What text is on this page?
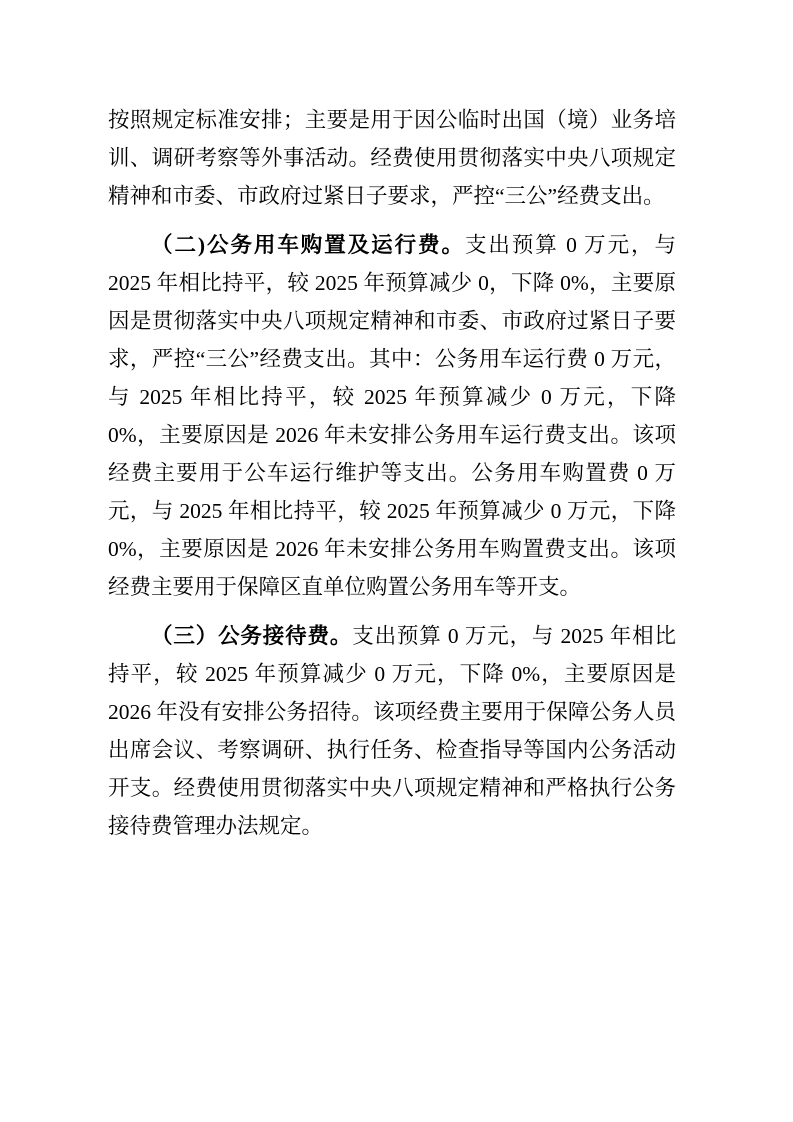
按照规定标准安排；主要是用于因公临时出国（境）业务培训、调研考察等外事活动。经费使用贯彻落实中央八项规定精神和市委、市政府过紧日子要求，严控“三公”经费支出。

（二)公务用车购置及运行费。支出预算 0 万元，与 2025 年相比持平，较 2025 年预算减少 0，下降 0%，主要原因是贯彻落实中央八项规定精神和市委、市政府过紧日子要求，严控“三公”经费支出。其中：公务用车运行费 0 万元，与 2025 年相比持平，较 2025 年预算减少 0 万元，下降 0%，主要原因是 2026 年未安排公务用车运行费支出。该项经费主要用于公车运行维护等支出。公务用车购置费 0 万元，与 2025 年相比持平，较 2025 年预算减少 0 万元，下降 0%，主要原因是 2026 年未安排公务用车购置费支出。该项经费主要用于保障区直单位购置公务用车等开支。

（三）公务接待费。支出预算 0 万元，与 2025 年相比持平，较 2025 年预算减少 0 万元，下降 0%，主要原因是 2026 年没有安排公务招待。该项经费主要用于保障公务人员出席会议、考察调研、执行任务、检查指导等国内公务活动开支。经费使用贯彻落实中央八项规定精神和严格执行公务接待费管理办法规定。
